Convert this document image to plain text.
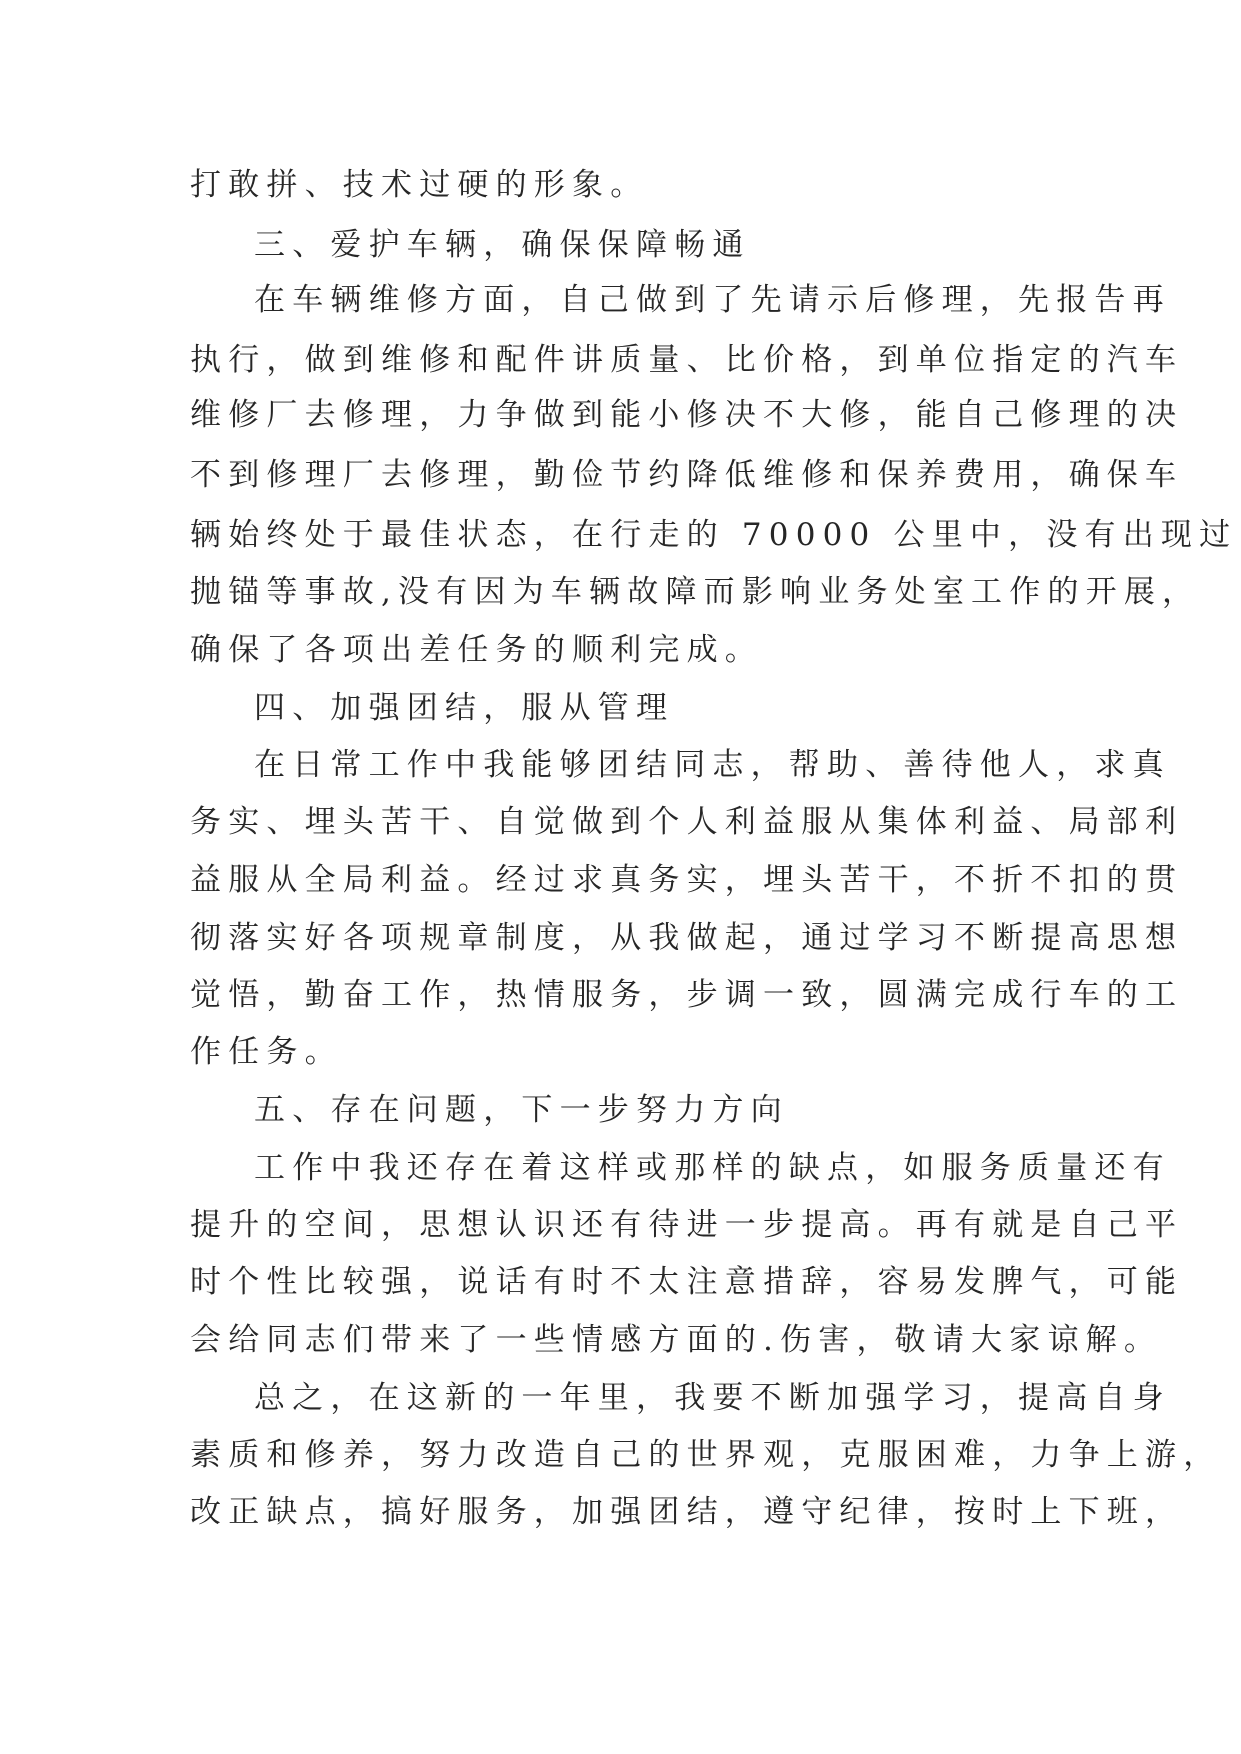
打敢拼、技术过硬的形象。

三、爱护车辆，确保保障畅通

在车辆维修方面，自己做到了先请示后修理，先报告再

执行，做到维修和配件讲质量、比价格，到单位指定的汽车

维修厂去修理，力争做到能小修决不大修，能自己修理的决

不到修理厂去修理，勤俭节约降低维修和保养费用，确保车

辆始终处于最佳状态，在行走的 70000 公里中，没有出现过

抛锚等事故,没有因为车辆故障而影响业务处室工作的开展，

确保了各项出差任务的顺利完成。

四、加强团结，服从管理

在日常工作中我能够团结同志，帮助、善待他人，求真

务实、埋头苦干、自觉做到个人利益服从集体利益、局部利

益服从全局利益。经过求真务实，埋头苦干，不折不扣的贯

彻落实好各项规章制度，从我做起，通过学习不断提高思想

觉悟，勤奋工作，热情服务，步调一致，圆满完成行车的工

作任务。

五、存在问题，下一步努力方向

工作中我还存在着这样或那样的缺点，如服务质量还有

提升的空间，思想认识还有待进一步提高。再有就是自己平

时个性比较强，说话有时不太注意措辞，容易发脾气，可能

会给同志们带来了一些情感方面的.伤害，敬请大家谅解。

总之，在这新的一年里，我要不断加强学习，提高自身

素质和修养，努力改造自己的世界观，克服困难，力争上游，

改正缺点，搞好服务，加强团结，遵守纪律，按时上下班，
